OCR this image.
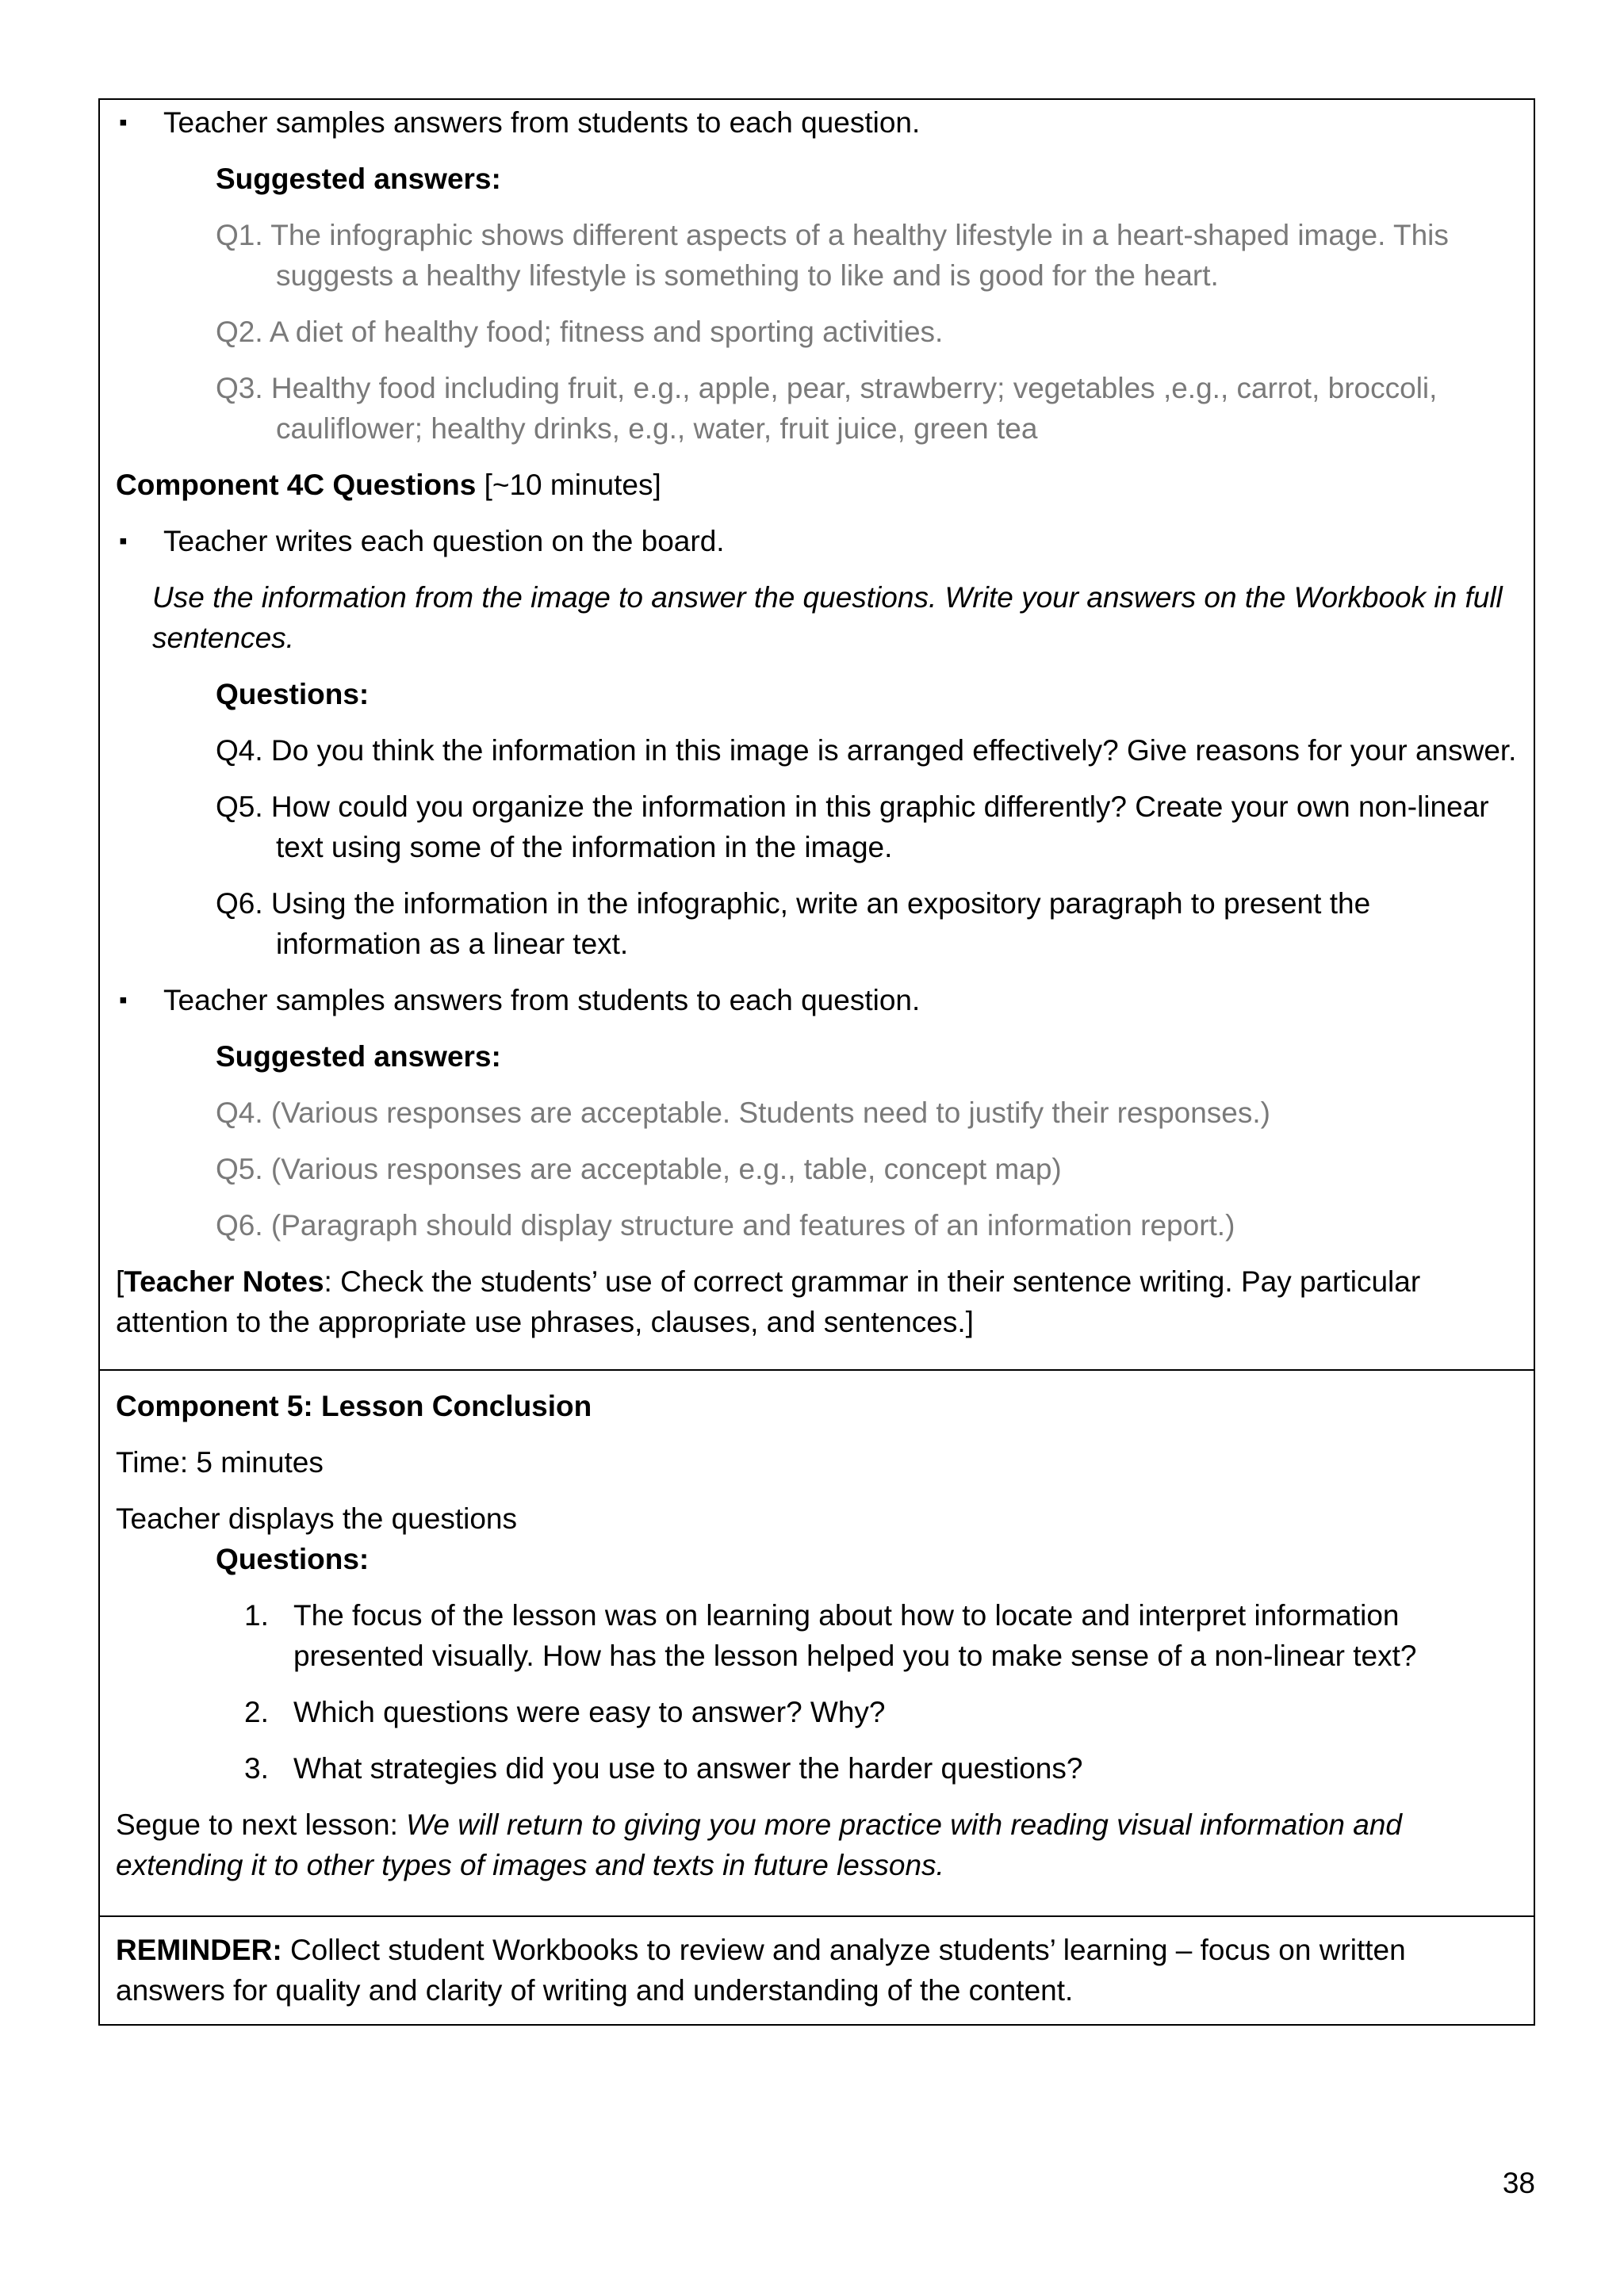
▪ Teacher samples answers from students to each question.

Suggested answers:

Q1. The infographic shows different aspects of a healthy lifestyle in a heart-shaped image. This suggests a healthy lifestyle is something to like and is good for the heart.

Q2. A diet of healthy food; fitness and sporting activities.

Q3. Healthy food including fruit, e.g., apple, pear, strawberry; vegetables ,e.g., carrot, broccoli, cauliflower; healthy drinks, e.g., water, fruit juice, green tea

Component 4C Questions [~10 minutes]

▪ Teacher writes each question on the board.

Use the information from the image to answer the questions. Write your answers on the Workbook in full sentences.

Questions:

Q4. Do you think the information in this image is arranged effectively? Give reasons for your answer.

Q5. How could you organize the information in this graphic differently? Create your own non-linear text using some of the information in the image.

Q6. Using the information in the infographic, write an expository paragraph to present the information as a linear text.

▪ Teacher samples answers from students to each question.

Suggested answers:

Q4. (Various responses are acceptable. Students need to justify their responses.)

Q5. (Various responses are acceptable, e.g., table, concept map)

Q6. (Paragraph should display structure and features of an information report.)

[Teacher Notes: Check the students’ use of correct grammar in their sentence writing. Pay particular attention to the appropriate use phrases, clauses, and sentences.]

Component 5: Lesson Conclusion

Time: 5 minutes

Teacher displays the questions

Questions:

1. The focus of the lesson was on learning about how to locate and interpret information presented visually. How has the lesson helped you to make sense of a non-linear text?
2. Which questions were easy to answer? Why?
3. What strategies did you use to answer the harder questions?

Segue to next lesson: We will return to giving you more practice with reading visual information and extending it to other types of images and texts in future lessons.

REMINDER: Collect student Workbooks to review and analyze students’ learning – focus on written answers for quality and clarity of writing and understanding of the content.

38
